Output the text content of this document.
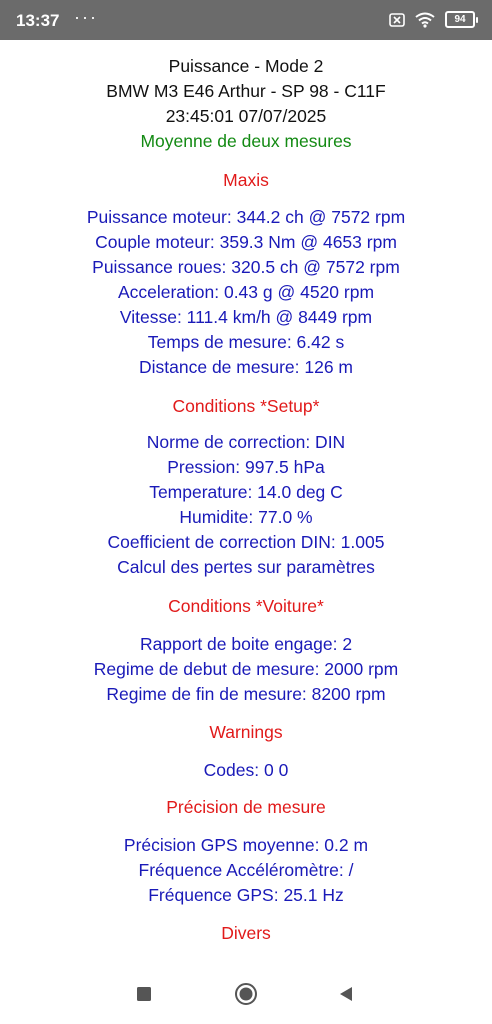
13:37 ···	94
Puissance - Mode 2
BMW M3 E46 Arthur - SP 98 - C11F
23:45:01 07/07/2025
Moyenne de deux mesures
Maxis
Puissance moteur: 344.2 ch @ 7572 rpm
Couple moteur: 359.3 Nm @ 4653 rpm
Puissance roues: 320.5 ch @ 7572 rpm
Acceleration: 0.43 g @ 4520 rpm
Vitesse: 111.4 km/h @ 8449 rpm
Temps de mesure: 6.42 s
Distance de mesure: 126 m
Conditions *Setup*
Norme de correction: DIN
Pression: 997.5 hPa
Temperature: 14.0 deg C
Humidite: 77.0 %
Coefficient de correction DIN: 1.005
Calcul des pertes sur paramètres
Conditions *Voiture*
Rapport de boite engage: 2
Regime de debut de mesure: 2000 rpm
Regime de fin de mesure: 8200 rpm
Warnings
Codes: 0 0
Précision de mesure
Précision GPS moyenne: 0.2 m
Fréquence Accéléromètre: /
Fréquence GPS: 25.1 Hz
Divers
